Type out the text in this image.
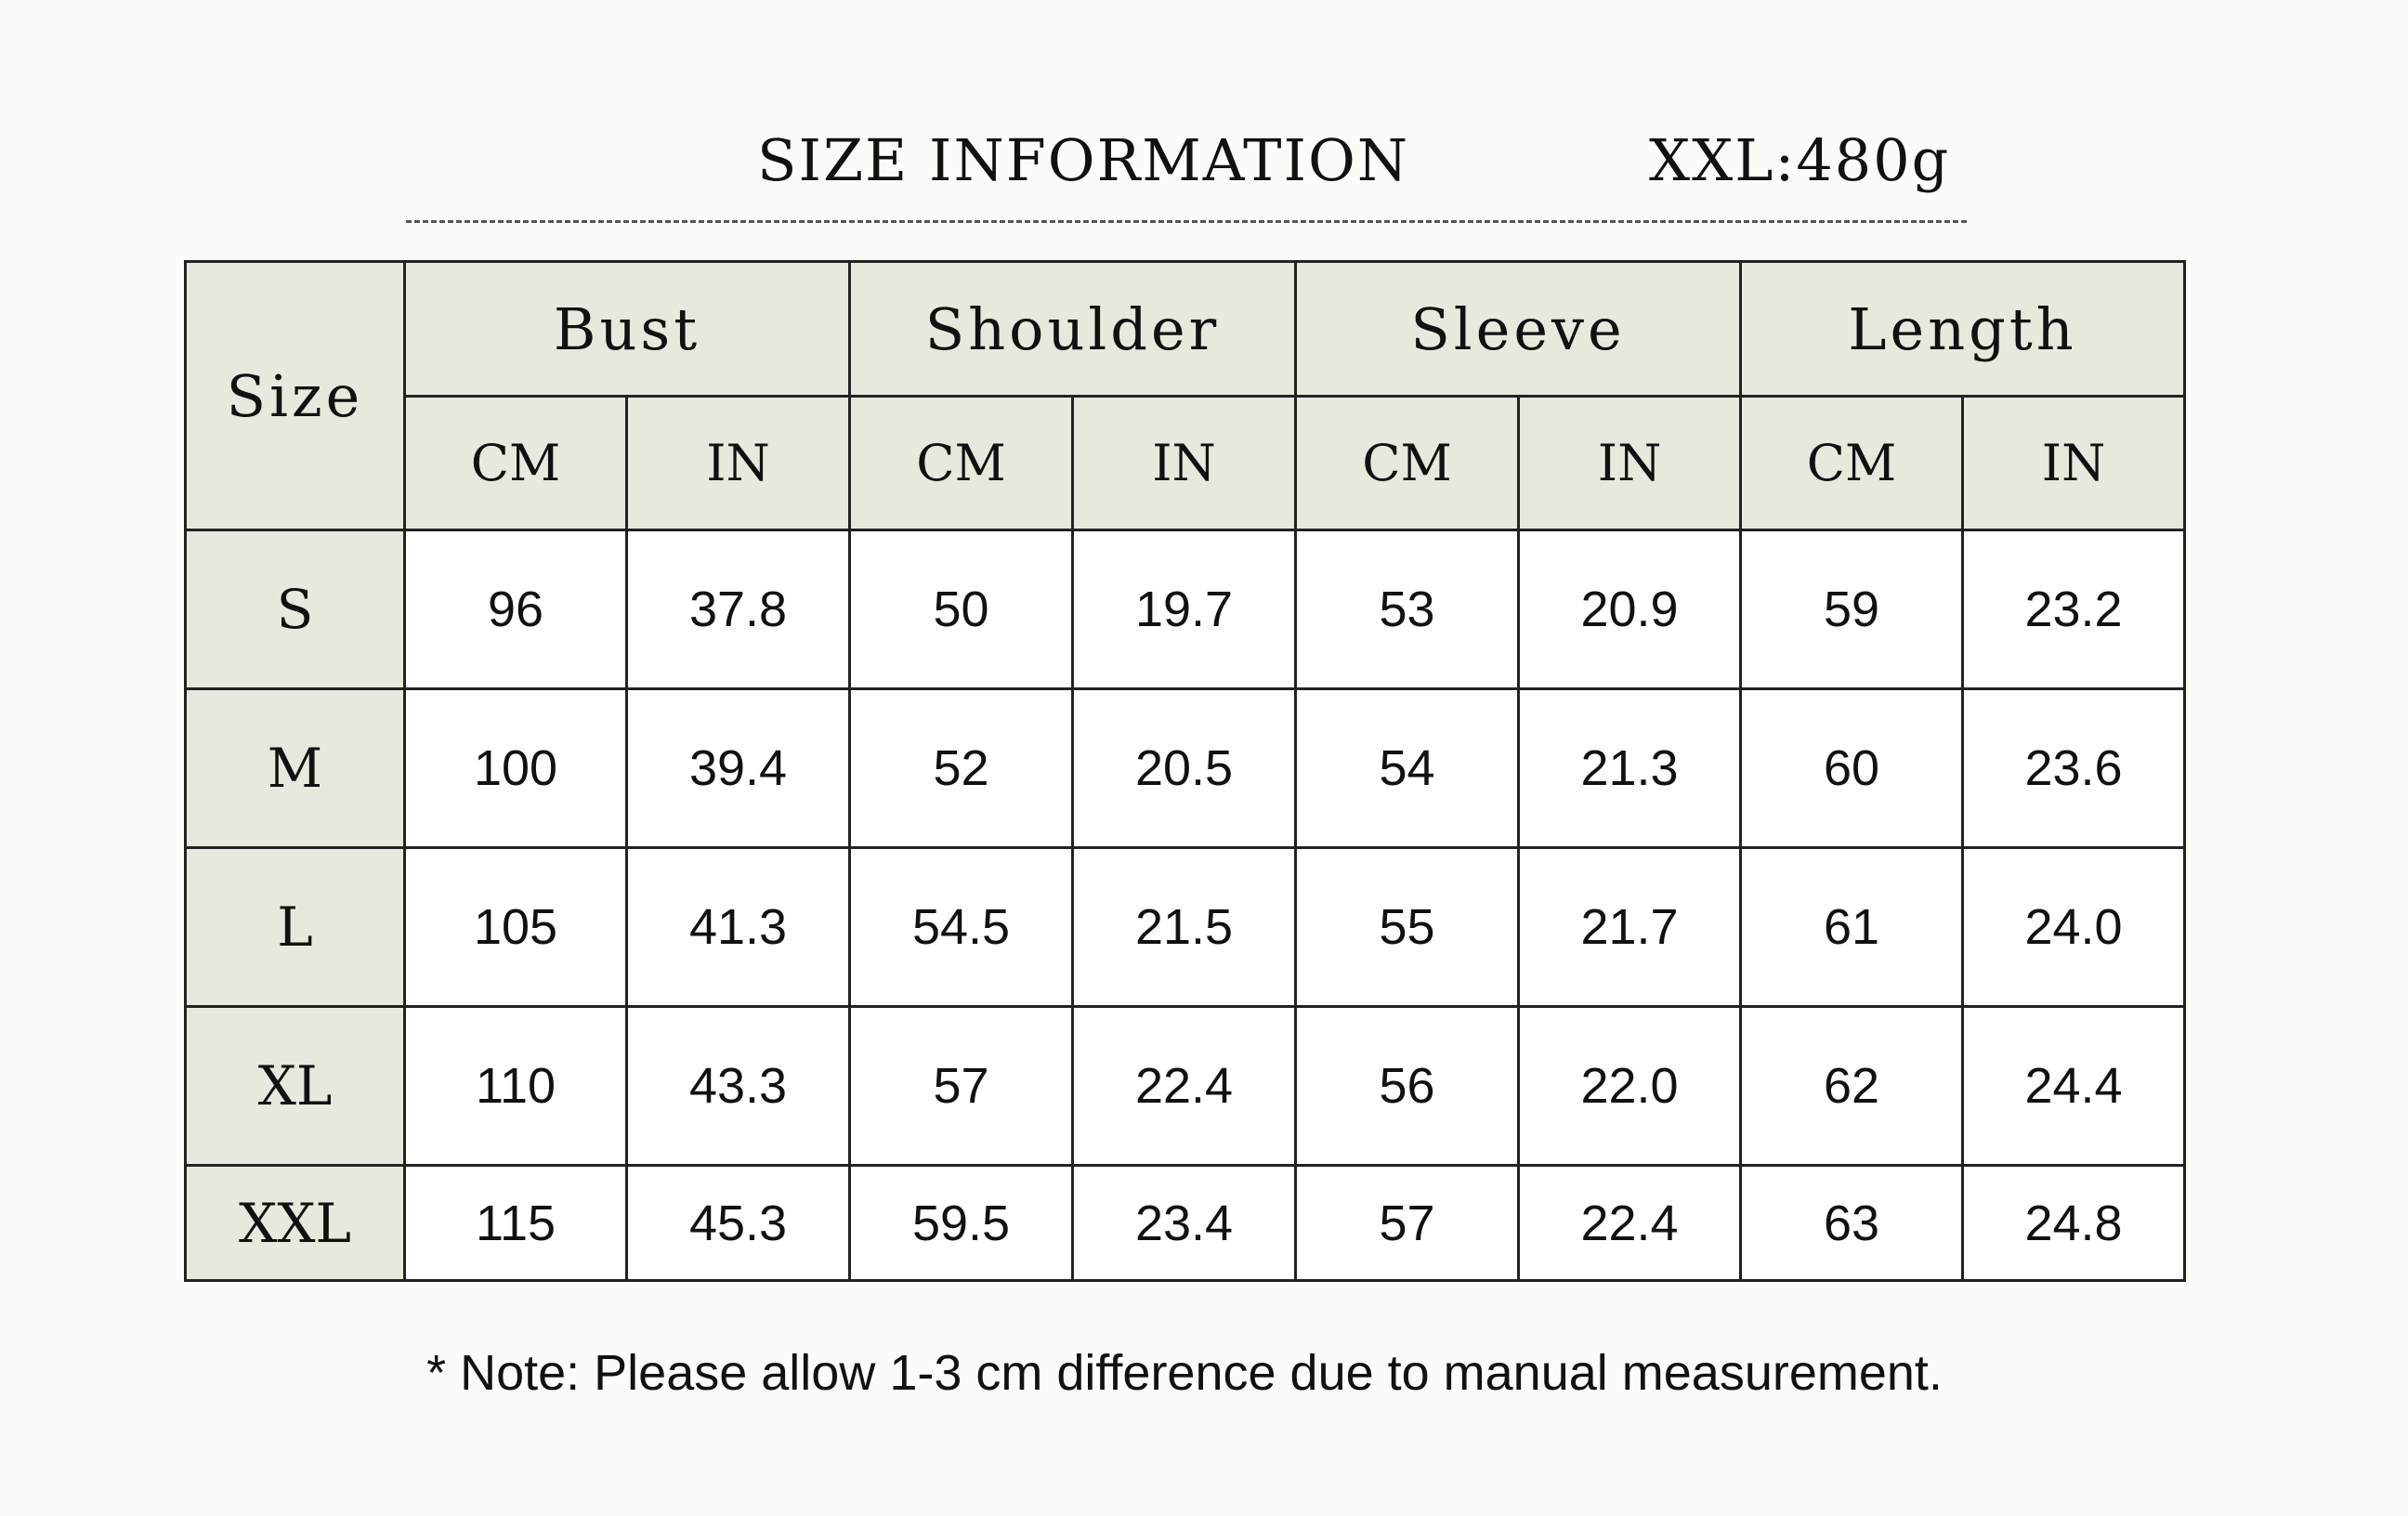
SIZE INFORMATION	XXL:480g
Size	Bust		Shoulder		Sleeve		Length	
	CM	IN	CM	IN	CM	IN	CM	IN
S	96	37.8	50	19.7	53	20.9	59	23.2
M	100	39.4	52	20.5	54	21.3	60	23.6
L	105	41.3	54.5	21.5	55	21.7	61	24.0
XL	110	43.3	57	22.4	56	22.0	62	24.4
XXL	115	45.3	59.5	23.4	57	22.4	63	24.8
* Note: Please allow 1-3 cm difference due to manual measurement.
